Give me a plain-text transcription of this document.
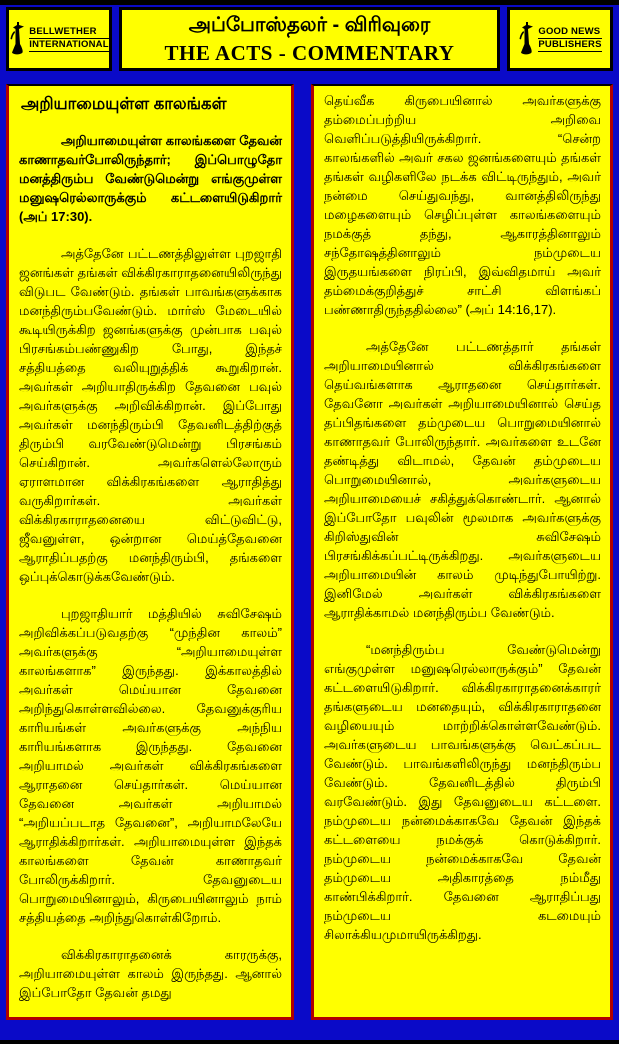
BELLWETHER
INTERNATIONAL
அப்போஸ்தலர் - விரிவுரை
THE ACTS - COMMENTARY
GOOD NEWS
PUBLISHERS
அறியாமையுள்ள காலங்கள்

அறியாமையுள்ள காலங்களை தேவன் காணாதவர்போலிருந்தார்; இப்பொழுதோ மனத்திரும்ப வேண்டுமென்று எங்குமுள்ள மனுஷரெல்லாருக்கும் கட்டளையிடுகிறார் (அப் 17:30).

அத்தேனே பட்டணத்திலுள்ள புறஜாதி ஜனங்கள் தங்கள் விக்கிரகாராதனையிலிருந்து விடுபட வேண்டும். தங்கள் பாவங்களுக்காக மனந்திரும்பவேண்டும். மார்ஸ் மேடையில் கூடியிருக்கிற ஜனங்களுக்கு முன்பாக பவுல் பிரசங்கம்பண்ணுகிற போது, இந்தச் சத்தியத்தை வலியுறுத்திக் கூறுகிறான். அவர்கள் அறியாதிருக்கிற தேவனை பவுல் அவர்களுக்கு அறிவிக்கிறான். இப்போது அவர்கள் மனந்திரும்பி தேவனிடத்திற்குத் திரும்பி வரவேண்டுமென்று பிரசங்கம் செய்கிறான். அவர்களெல்லோரும் ஏராளமான விக்கிரகங்களை ஆராதித்து வருகிறார்கள். அவர்கள் விக்கிரகாராதனையை விட்டுவிட்டு, ஜீவனுள்ள, ஒன்றான மெய்த்தேவனை ஆராதிப்பதற்கு மனந்திரும்பி, தங்களை ஒப்புக்கொடுக்கவேண்டும்.

புறஜாதியார் மத்தியில் சுவிசேஷம் அறிவிக்கப்படுவதற்கு “முந்தின காலம்” அவர்களுக்கு “அறியாமையுள்ள காலங்களாக” இருந்தது. இக்காலத்தில் அவர்கள் மெய்யான தேவனை அறிந்துகொள்ளவில்லை. தேவனுக்குரிய காரியங்கள் அவர்களுக்கு அந்நிய காரியங்களாக இருந்தது. தேவனை அறியாமல் அவர்கள் விக்கிரகங்களை ஆராதனை செய்தார்கள். மெய்யான தேவனை அவர்கள் அறியாமல் “அறியப்படாத தேவனை”, அறியாமலேயே ஆராதிக்கிறார்கள். அறியாமையுள்ள இந்தக் காலங்களை தேவன் காணாதவர் போலிருக்கிறார். தேவனுடைய பொறுமையினாலும், கிருபையினாலும் நாம் சத்தியத்தை அறிந்துகொள்கிறோம்.

விக்கிரகாராதனைக் காரருக்கு, அறியாமையுள்ள காலம் இருந்தது. ஆனால் இப்போதோ தேவன் தமது

தெய்வீக கிருபையினால் அவர்களுக்கு தம்மைப்பற்றிய அறிவை வெளிப்படுத்தியிருக்கிறார். “சென்ற காலங்களில் அவர் சகல ஜனங்களையும் தங்கள் தங்கள் வழிகளிலே நடக்க விட்டிருந்தும், அவர் நன்மை செய்துவந்து, வானத்திலிருந்து மழைகளையும் செழிப்புள்ள காலங்களையும் நமக்குத் தந்து, ஆகாரத்தினாலும் சந்தோஷத்தினாலும் நம்முடைய இருதயங்களை நிரப்பி, இவ்விதமாய் அவர் தம்மைக்குறித்துச் சாட்சி விளங்கப் பண்ணாதிருந்ததில்லை” (அப் 14:16,17).

அத்தேனே பட்டணத்தார் தங்கள் அறியாமையினால் விக்கிரகங்களை தெய்வங்களாக ஆராதனை செய்தார்கள். தேவனோ அவர்கள் அறியாமையினால் செய்த தப்பிதங்களை தம்முடைய பொறுமையினால் காணாதவர் போலிருந்தார். அவர்களை உடனே தண்டித்து விடாமல், தேவன் தம்முடைய பொறுமையினால், அவர்களுடைய அறியாமையைச் சகித்துக்கொண்டார். ஆனால் இப்போதோ பவுலின் மூலமாக அவர்களுக்கு கிறிஸ்துவின் சுவிசேஷம் பிரசங்கிக்கப்பட்டிருக்கிறது. அவர்களுடைய அறியாமையின் காலம் முடிந்துபோயிற்று. இனிமேல் அவர்கள் விக்கிரகங்களை ஆராதிக்காமல் மனந்திரும்ப வேண்டும்.

“மனந்திரும்ப வேண்டுமென்று எங்குமுள்ள மனுஷரெல்லாருக்கும்” தேவன் கட்டளையிடுகிறார். விக்கிரகாராதனைக்காரர் தங்களுடைய மனதையும், விக்கிரகாராதனை வழியையும் மாற்றிக்கொள்ளவேண்டும். அவர்களுடைய பாவங்களுக்கு வெட்கப்பட வேண்டும். பாவங்களிலிருந்து மனந்திரும்ப வேண்டும். தேவனிடத்தில் திரும்பி வரவேண்டும். இது தேவனுடைய கட்டளை. நம்முடைய நன்மைக்காகவே தேவன் இந்தக் கட்டளையை நமக்குக் கொடுக்கிறார். நம்முடைய நன்மைக்காகவே தேவன் தம்முடைய அதிகாரத்தை நம்மீது காண்பிக்கிறார். தேவனை ஆராதிப்பது நம்முடைய கடமையும் சிலாக்கியமுமாயிருக்கிறது.
